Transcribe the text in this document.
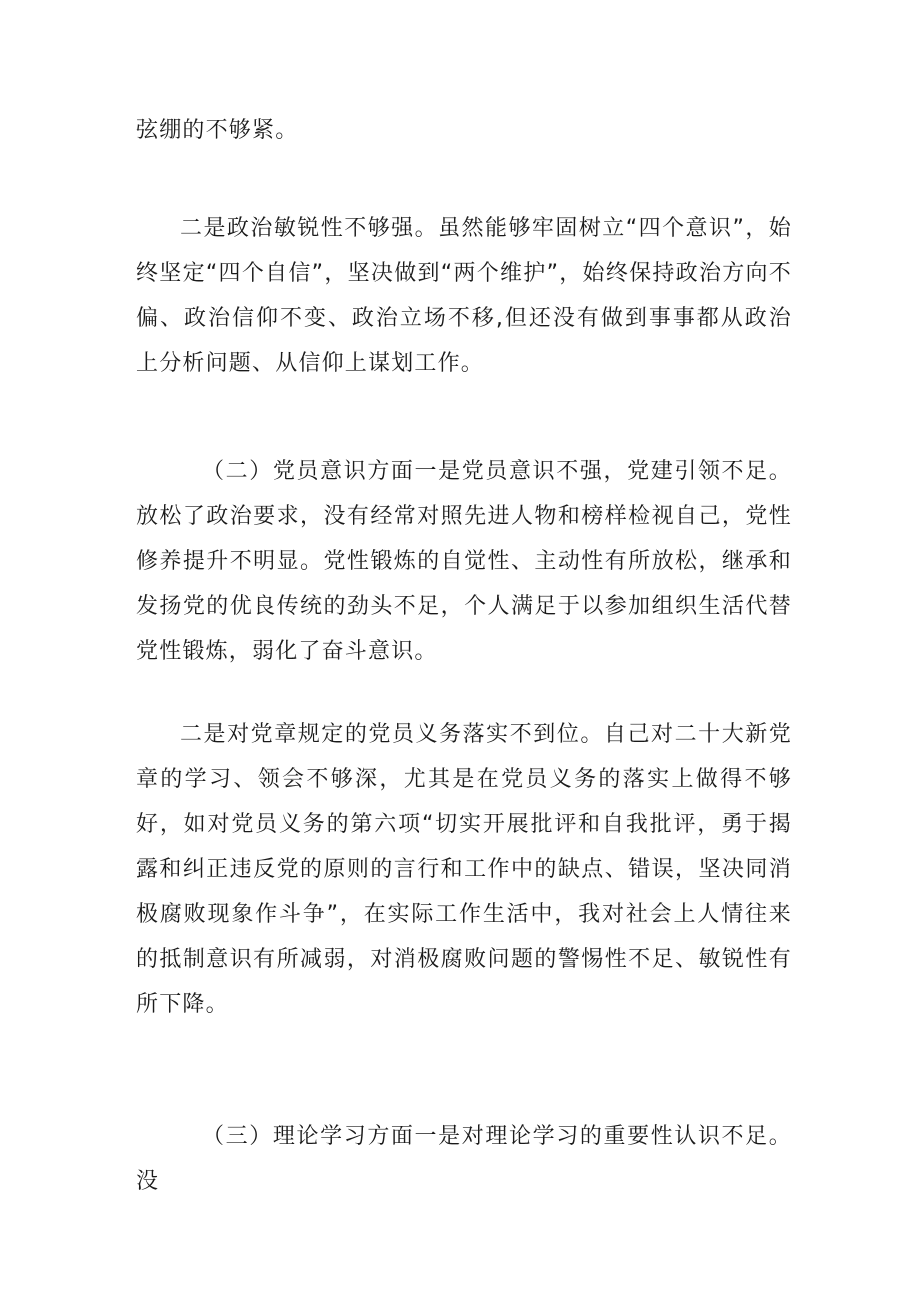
弦绷的不够紧。

二是政治敏锐性不够强。虽然能够牢固树立“四个意识”，始终坚定“四个自信”，坚决做到“两个维护”，始终保持政治方向不偏、政治信仰不变、政治立场不移,但还没有做到事事都从政治上分析问题、从信仰上谋划工作。

（二）党员意识方面一是党员意识不强，党建引领不足。放松了政治要求，没有经常对照先进人物和榜样检视自己，党性修养提升不明显。党性锻炼的自觉性、主动性有所放松，继承和发扬党的优良传统的劲头不足，个人满足于以参加组织生活代替党性锻炼，弱化了奋斗意识。

二是对党章规定的党员义务落实不到位。自己对二十大新党章的学习、领会不够深，尤其是在党员义务的落实上做得不够好，如对党员义务的第六项“切实开展批评和自我批评，勇于揭露和纠正违反党的原则的言行和工作中的缺点、错误，坚决同消极腐败现象作斗争”，在实际工作生活中，我对社会上人情往来的抵制意识有所减弱，对消极腐败问题的警惕性不足、敏锐性有所下降。

（三）理论学习方面一是对理论学习的重要性认识不足。没
